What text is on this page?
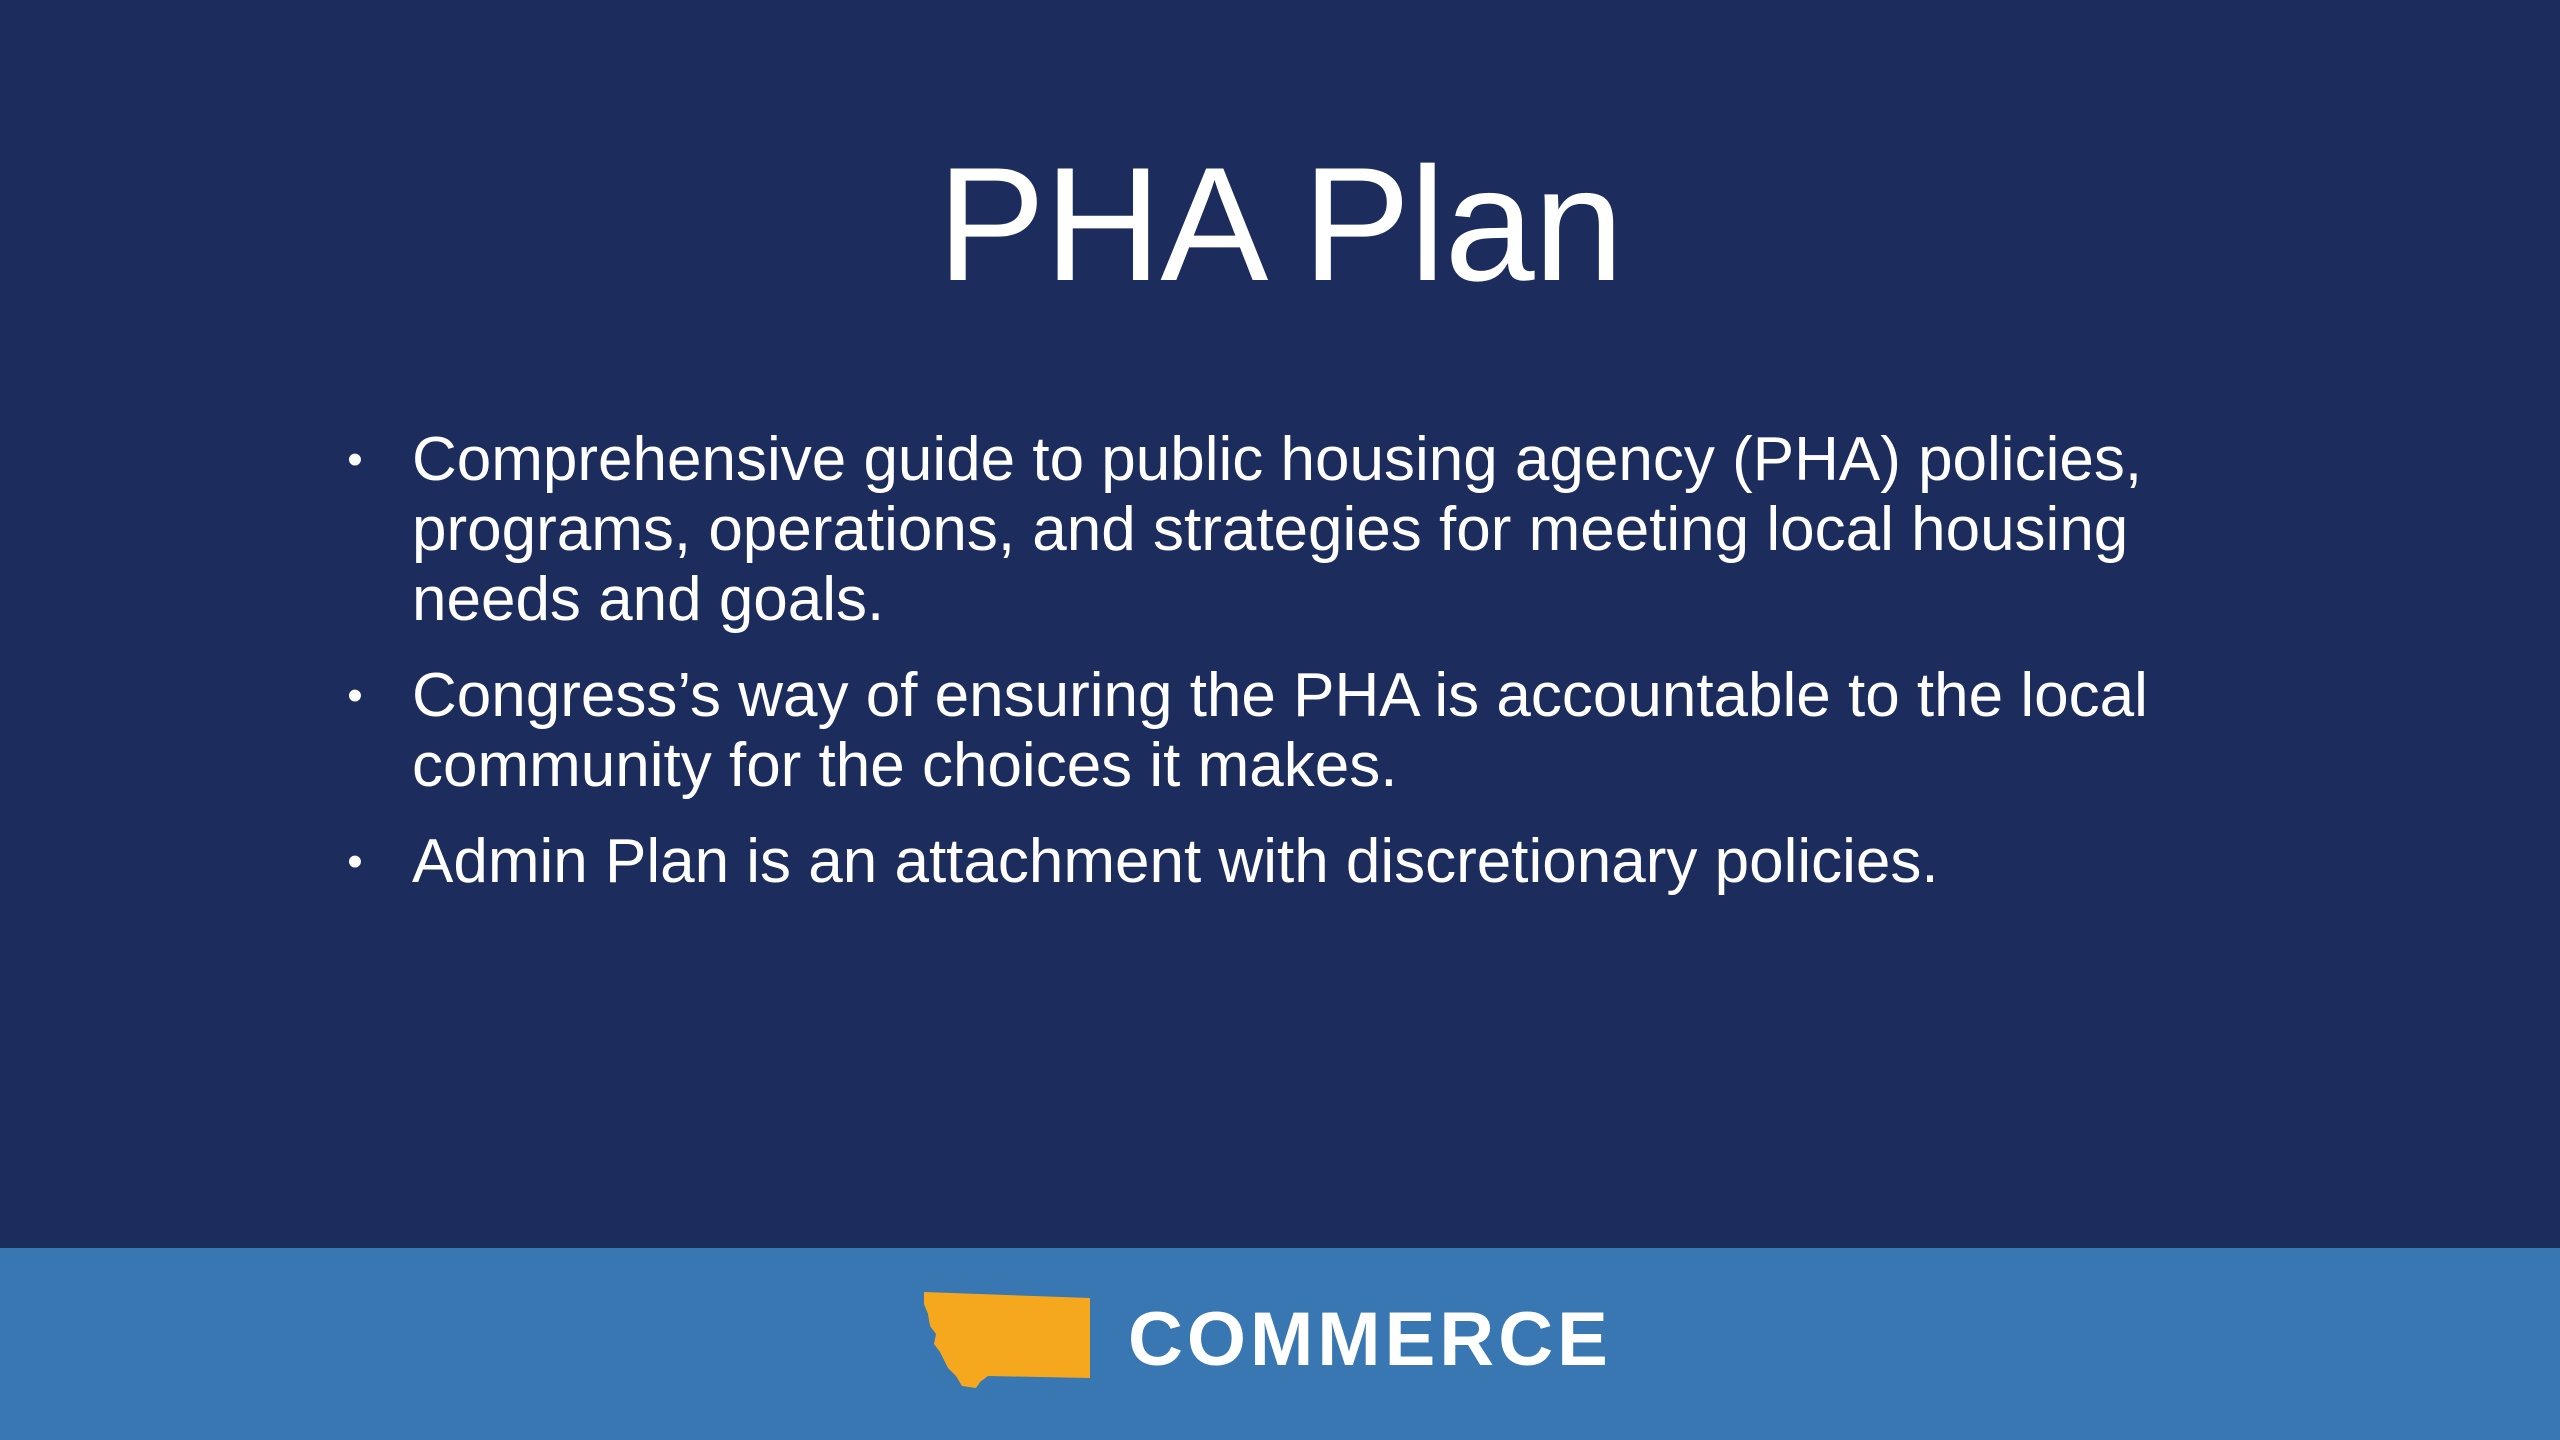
PHA Plan
• Comprehensive guide to public housing agency (PHA) policies, programs, operations, and strategies for meeting local housing needs and goals.
• Congress’s way of ensuring the PHA is accountable to the local community for the choices it makes.
• Admin Plan is an attachment with discretionary policies.
COMMERCE
